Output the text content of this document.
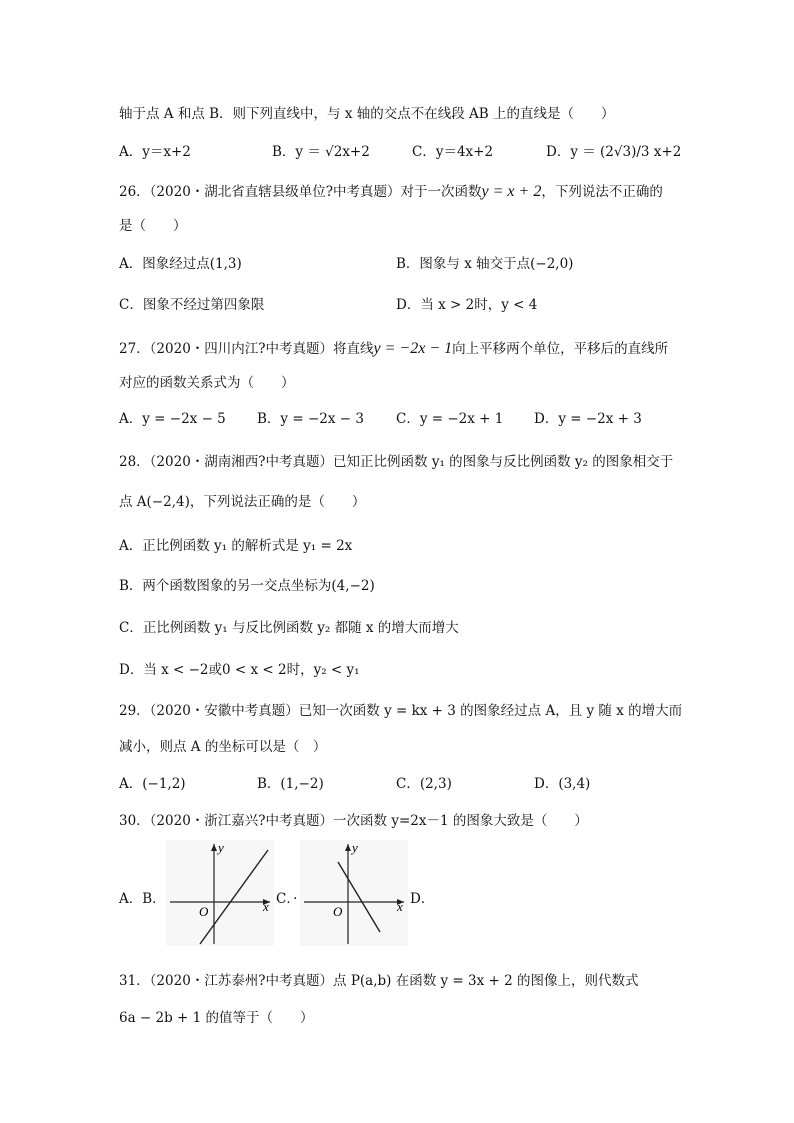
轴于点 A 和点 B．则下列直线中，与 x 轴的交点不在线段 AB 上的直线是（　　）
A．y＝x+2	B．y ＝ √2x+2	C．y＝4x+2	D．y ＝ (2√3)/3 x+2
26．（2020・湖北省直辖县级单位?中考真题）对于一次函数y = x + 2，下列说法不正确的
是（　　）
A．图象经过点(1,3)	B．图象与 x 轴交于点(−2,0)
C．图象不经过第四象限	D．当 x > 2时，y < 4
27．（2020・四川内江?中考真题）将直线y = −2x − 1向上平移两个单位，平移后的直线所
对应的函数关系式为（　　）
A．y = −2x − 5 B．y = −2x − 3 C．y = −2x + 1 D．y = −2x + 3
28．（2020・湖南湘西?中考真题）已知正比例函数 y₁ 的图象与反比例函数 y₂ 的图象相交于
点 A(−2,4)，下列说法正确的是（　　）
A．正比例函数 y₁ 的解析式是 y₁ = 2x
B．两个函数图象的另一交点坐标为(4,−2)
C．正比例函数 y₁ 与反比例函数 y₂ 都随 x 的增大而增大
D．当 x < −2或0 < x < 2时，y₂ < y₁
29．（2020・安徽中考真题）已知一次函数 y = kx + 3 的图象经过点 A，且 y 随 x 的增大而
减小，则点 A 的坐标可以是（　）
A．(−1,2)	B．(1,−2)	C．(2,3)	D．(3,4)
30．（2020・浙江嘉兴?中考真题）一次函数 y=2x－1 的图象大致是（　　）
A．B．	C．·	D．
y
x
O
y
x
O
31．（2020・江苏泰州?中考真题）点 P(a,b) 在函数 y = 3x + 2 的图像上，则代数式
6a − 2b + 1 的值等于（　　）
